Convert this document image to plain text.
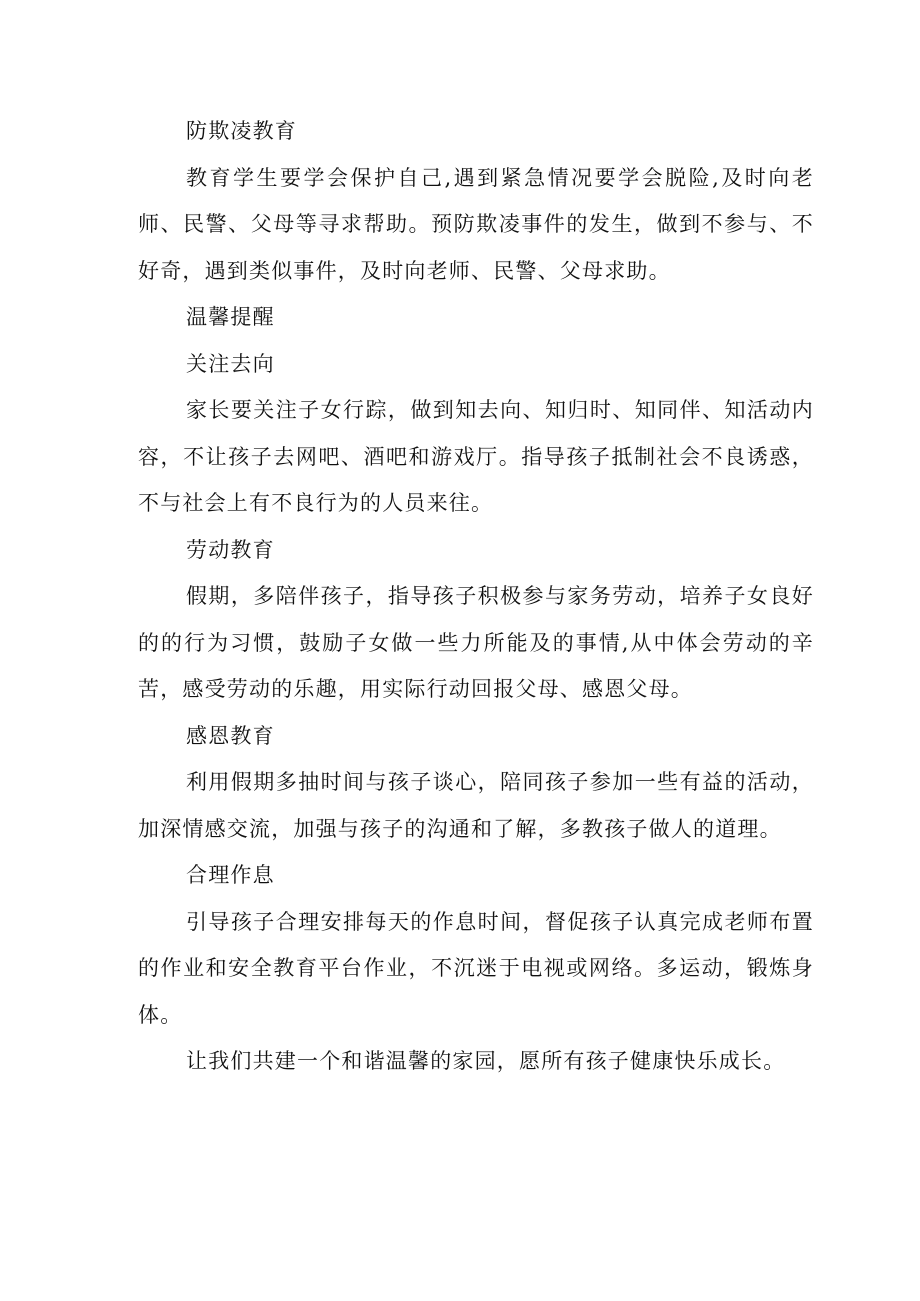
防欺凌教育

教育学生要学会保护自己,遇到紧急情况要学会脱险,及时向老师、民警、父母等寻求帮助。预防欺凌事件的发生，做到不参与、不好奇，遇到类似事件，及时向老师、民警、父母求助。

温馨提醒

关注去向

家长要关注子女行踪，做到知去向、知归时、知同伴、知活动内容，不让孩子去网吧、酒吧和游戏厅。指导孩子抵制社会不良诱惑，不与社会上有不良行为的人员来往。

劳动教育

假期，多陪伴孩子，指导孩子积极参与家务劳动，培养子女良好的的行为习惯，鼓励子女做一些力所能及的事情,从中体会劳动的辛苦，感受劳动的乐趣，用实际行动回报父母、感恩父母。

感恩教育

利用假期多抽时间与孩子谈心，陪同孩子参加一些有益的活动，加深情感交流，加强与孩子的沟通和了解，多教孩子做人的道理。

合理作息

引导孩子合理安排每天的作息时间，督促孩子认真完成老师布置的作业和安全教育平台作业，不沉迷于电视或网络。多运动，锻炼身体。

让我们共建一个和谐温馨的家园，愿所有孩子健康快乐成长。
